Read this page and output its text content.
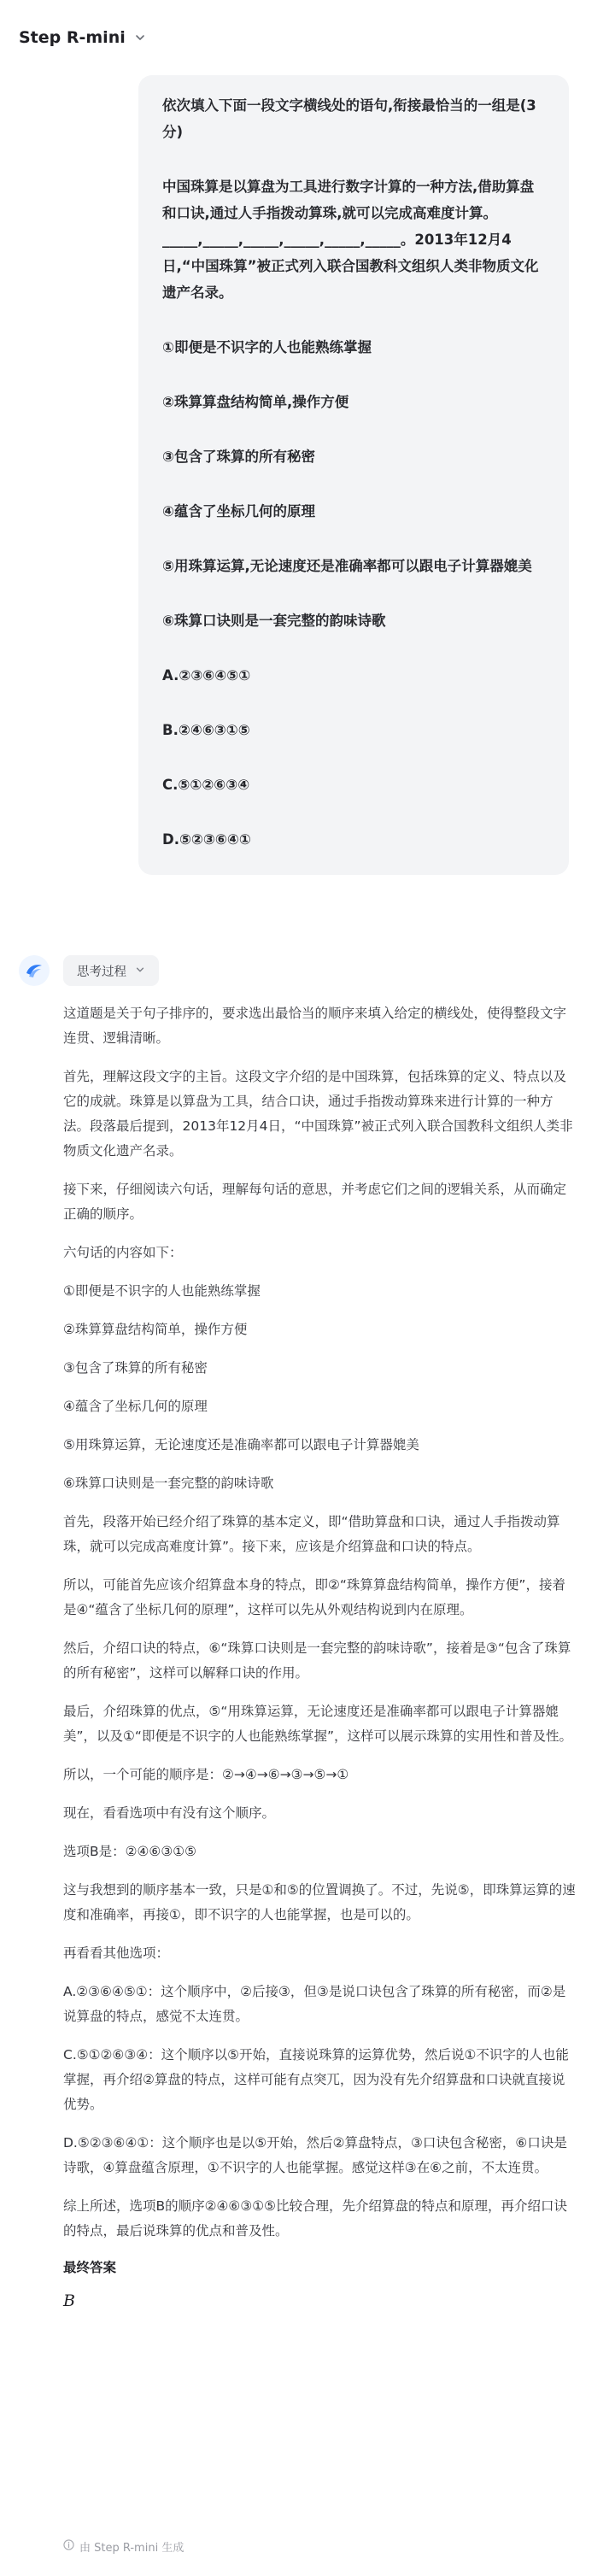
Step R-mini

依次填入下面一段文字横线处的语句,衔接最恰当的一组是(3分)

中国珠算是以算盘为工具进行数字计算的一种方法,借助算盘和口诀,通过人手指拨动算珠,就可以完成高难度计算。_____,_____,_____,_____,_____,_____。2013年12月4日,“中国珠算”被正式列入联合国教科文组织人类非物质文化遗产名录。

①即便是不识字的人也能熟练掌握

②珠算算盘结构简单,操作方便

③包含了珠算的所有秘密

④蕴含了坐标几何的原理

⑤用珠算运算,无论速度还是准确率都可以跟电子计算器媲美

⑥珠算口诀则是一套完整的韵味诗歌

A.②③⑥④⑤①

B.②④⑥③①⑤

C.⑤①②⑥③④

D.⑤②③⑥④①

思考过程

这道题是关于句子排序的，要求选出最恰当的顺序来填入给定的横线处，使得整段文字连贯、逻辑清晰。

首先，理解这段文字的主旨。这段文字介绍的是中国珠算，包括珠算的定义、特点以及它的成就。珠算是以算盘为工具，结合口诀，通过手指拨动算珠来进行计算的一种方法。段落最后提到，2013年12月4日，“中国珠算”被正式列入联合国教科文组织人类非物质文化遗产名录。

接下来，仔细阅读六句话，理解每句话的意思，并考虑它们之间的逻辑关系，从而确定正确的顺序。

六句话的内容如下：

①即便是不识字的人也能熟练掌握

②珠算算盘结构简单，操作方便

③包含了珠算的所有秘密

④蕴含了坐标几何的原理

⑤用珠算运算，无论速度还是准确率都可以跟电子计算器媲美

⑥珠算口诀则是一套完整的韵味诗歌

首先，段落开始已经介绍了珠算的基本定义，即“借助算盘和口诀，通过人手指拨动算珠，就可以完成高难度计算”。接下来，应该是介绍算盘和口诀的特点。

所以，可能首先应该介绍算盘本身的特点，即②“珠算算盘结构简单，操作方便”，接着是④“蕴含了坐标几何的原理”，这样可以先从外观结构说到内在原理。

然后，介绍口诀的特点，⑥“珠算口诀则是一套完整的韵味诗歌”，接着是③“包含了珠算的所有秘密”，这样可以解释口诀的作用。

最后，介绍珠算的优点，⑤“用珠算运算，无论速度还是准确率都可以跟电子计算器媲美”，以及①“即便是不识字的人也能熟练掌握”，这样可以展示珠算的实用性和普及性。

所以，一个可能的顺序是：②→④→⑥→③→⑤→①

现在，看看选项中有没有这个顺序。

选项B是：②④⑥③①⑤

这与我想到的顺序基本一致，只是①和⑤的位置调换了。不过，先说⑤，即珠算运算的速度和准确率，再接①，即不识字的人也能掌握，也是可以的。

再看看其他选项：

A.②③⑥④⑤①：这个顺序中，②后接③，但③是说口诀包含了珠算的所有秘密，而②是说算盘的特点，感觉不太连贯。

C.⑤①②⑥③④：这个顺序以⑤开始，直接说珠算的运算优势，然后说①不识字的人也能掌握，再介绍②算盘的特点，这样可能有点突兀，因为没有先介绍算盘和口诀就直接说优势。

D.⑤②③⑥④①：这个顺序也是以⑤开始，然后②算盘特点，③口诀包含秘密，⑥口诀是诗歌，④算盘蕴含原理，①不识字的人也能掌握。感觉这样③在⑥之前，不太连贯。

综上所述，选项B的顺序②④⑥③①⑤比较合理，先介绍算盘的特点和原理，再介绍口诀的特点，最后说珠算的优点和普及性。

最终答案

B

由 Step R-mini 生成
